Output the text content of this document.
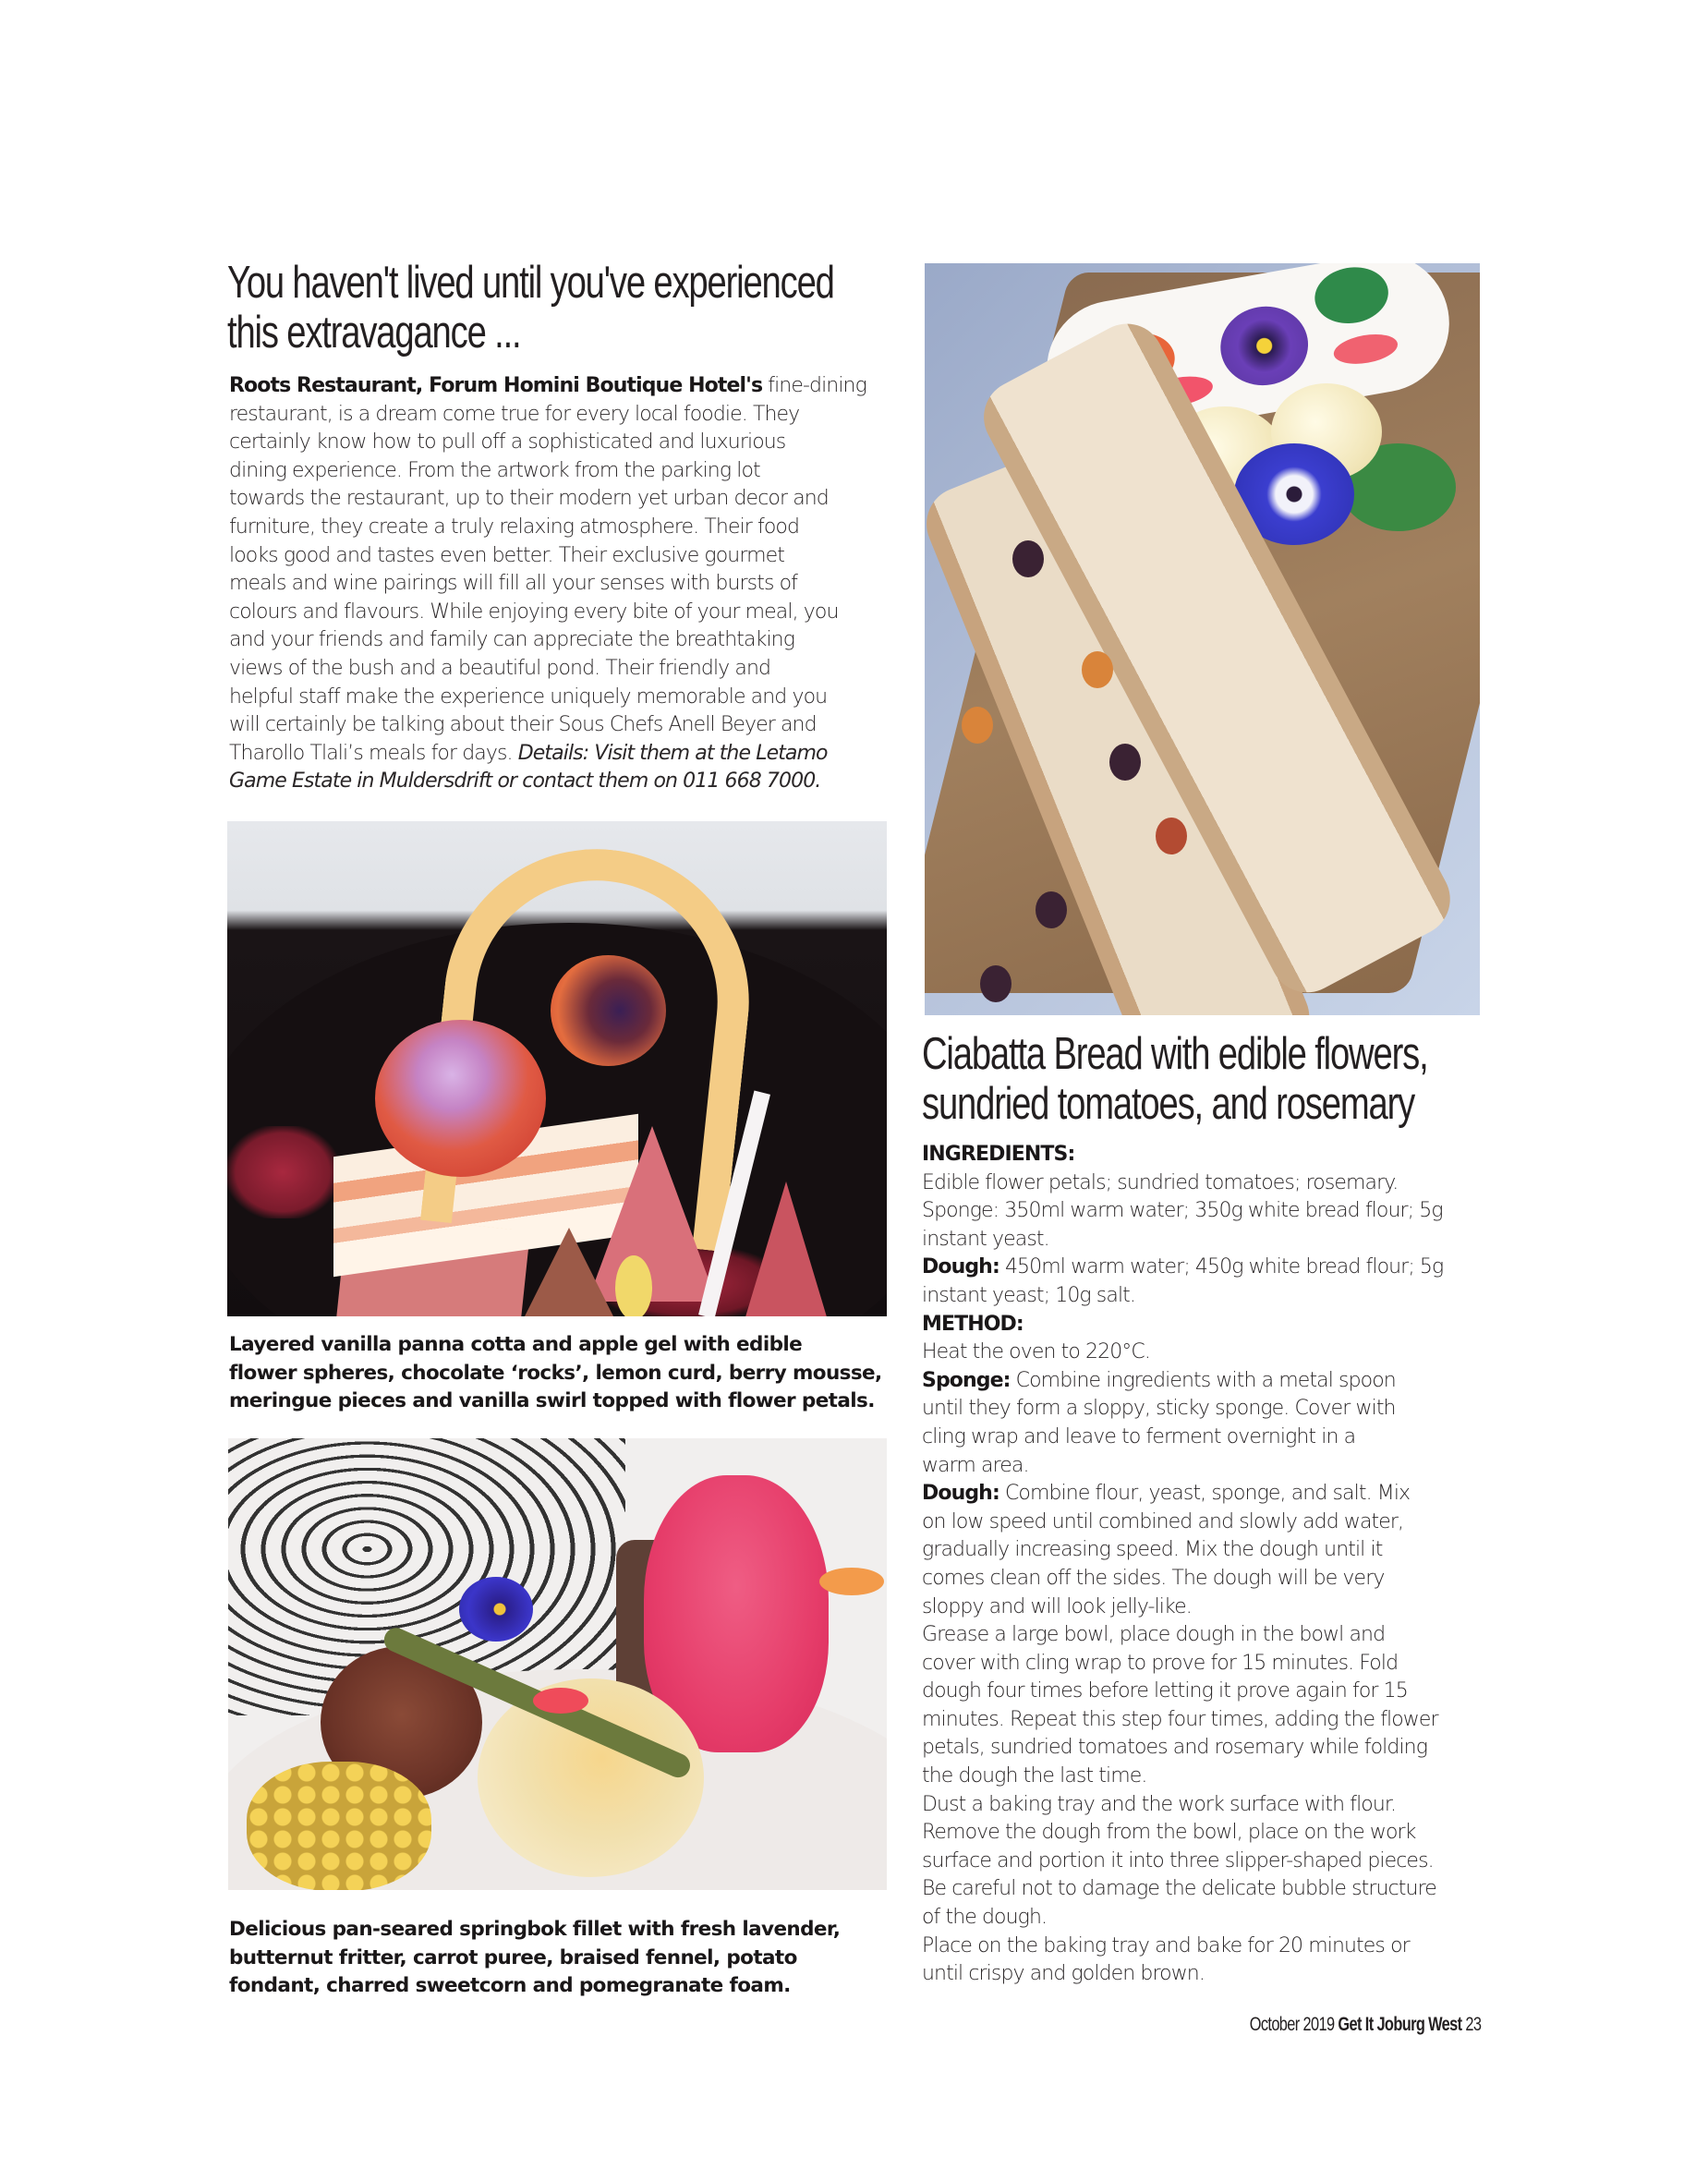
You haven't lived until you've experienced
this extravagance ...
Roots Restaurant, Forum Homini Boutique Hotel's fine-dining
restaurant, is a dream come true for every local foodie. They
certainly know how to pull off a sophisticated and luxurious
dining experience. From the artwork from the parking lot
towards the restaurant, up to their modern yet urban decor and
furniture, they create a truly relaxing atmosphere. Their food
looks good and tastes even better. Their exclusive gourmet
meals and wine pairings will fill all your senses with bursts of
colours and flavours. While enjoying every bite of your meal, you
and your friends and family can appreciate the breathtaking
views of the bush and a beautiful pond. Their friendly and
helpful staff make the experience uniquely memorable and you
will certainly be talking about their Sous Chefs Anell Beyer and
Tharollo Tlali’s meals for days. Details: Visit them at the Letamo
Game Estate in Muldersdrift or contact them on 011 668 7000.
Layered vanilla panna cotta and apple gel with edible
flower spheres, chocolate ‘rocks’, lemon curd, berry mousse,
meringue pieces and vanilla swirl topped with flower petals.
Delicious pan-seared springbok fillet with fresh lavender,
butternut fritter, carrot puree, braised fennel, potato
fondant, charred sweetcorn and pomegranate foam.
Ciabatta Bread with edible flowers,
sundried tomatoes, and rosemary
INGREDIENTS:
Edible flower petals; sundried tomatoes; rosemary.
Sponge: 350ml warm water; 350g white bread flour; 5g
instant yeast.
Dough: 450ml warm water; 450g white bread flour; 5g
instant yeast; 10g salt.
METHOD:
Heat the oven to 220°C.
Sponge: Combine ingredients with a metal spoon
until they form a sloppy, sticky sponge. Cover with
cling wrap and leave to ferment overnight in a
warm area.
Dough: Combine flour, yeast, sponge, and salt. Mix
on low speed until combined and slowly add water,
gradually increasing speed. Mix the dough until it
comes clean off the sides. The dough will be very
sloppy and will look jelly-like.
Grease a large bowl, place dough in the bowl and
cover with cling wrap to prove for 15 minutes. Fold
dough four times before letting it prove again for 15
minutes. Repeat this step four times, adding the flower
petals, sundried tomatoes and rosemary while folding
the dough the last time.
Dust a baking tray and the work surface with flour.
Remove the dough from the bowl, place on the work
surface and portion it into three slipper-shaped pieces.
Be careful not to damage the delicate bubble structure
of the dough.
Place on the baking tray and bake for 20 minutes or
until crispy and golden brown.
October 2019 Get It Joburg West 23
